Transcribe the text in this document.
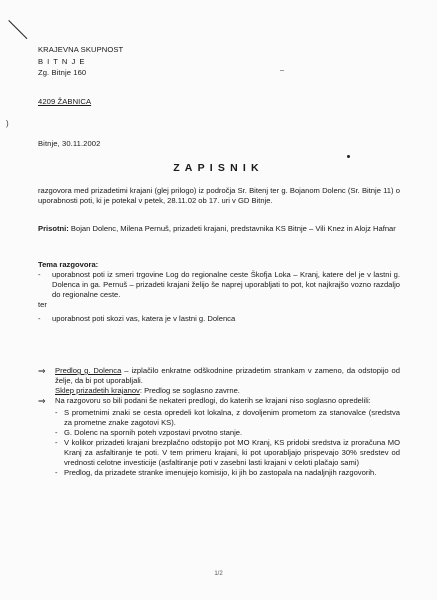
)
KRAJEVNA SKUPNOST
B I T N J E
Zg. Bitnje 160
4209 ŽABNICA
Bitnje, 30.11.2002
ZAPISNIK
razgovora med prizadetimi krajani (glej prilogo) iz področja Sr. Bitenj ter g. Bojanom Dolenc (Sr. Bitnje 11) o uporabnosti poti, ki je potekal v petek, 28.11.02 ob 17. uri v GD Bitnje.
Prisotni: Bojan Dolenc, Milena Pernuš, prizadeti krajani, predstavnika KS Bitnje – Vili Knez in Alojz Hafnar
Tema razgovora:
- uporabnost poti iz smeri trgovine Log do regionalne ceste Škofja Loka – Kranj, katere del je v lastni g. Dolenca in ga. Pernuš – prizadeti krajani želijo še naprej uporabljati to pot, kot najkrajšo vozno razdaljo do regionalne ceste.
ter
- uporabnost poti skozi vas, katera je v lastni g. Dolenca
⇒ Predlog g. Dolenca – izplačilo enkratne odškodnine prizadetim strankam v zameno, da odstopijo od želje, da bi pot uporabljali.
Sklep prizadetih krajanov: Predlog se soglasno zavrne.
⇒ Na razgovoru so bili podani še nekateri predlogi, do katerih se krajani niso soglasno opredelili:
- S prometnimi znaki se cesta opredeli kot lokalna, z dovoljenim prometom za stanovalce (sredstva za prometne znake zagotovi KS).
- G. Dolenc na spornih poteh vzpostavi prvotno stanje.
- V kolikor prizadeti krajani brezplačno odstopijo pot MO Kranj, KS pridobi sredstva iz proračuna MO Kranj za asfaltiranje te poti. V tem primeru krajani, ki pot uporabljajo prispevajo 30% sredstev od vrednosti celotne investicije (asfaltiranje poti v zasebni lasti krajani v celoti plačajo sami)
- Predlog, da prizadete stranke imenujejo komisijo, ki jih bo zastopala na nadaljnjih razgovorih.
1/2
